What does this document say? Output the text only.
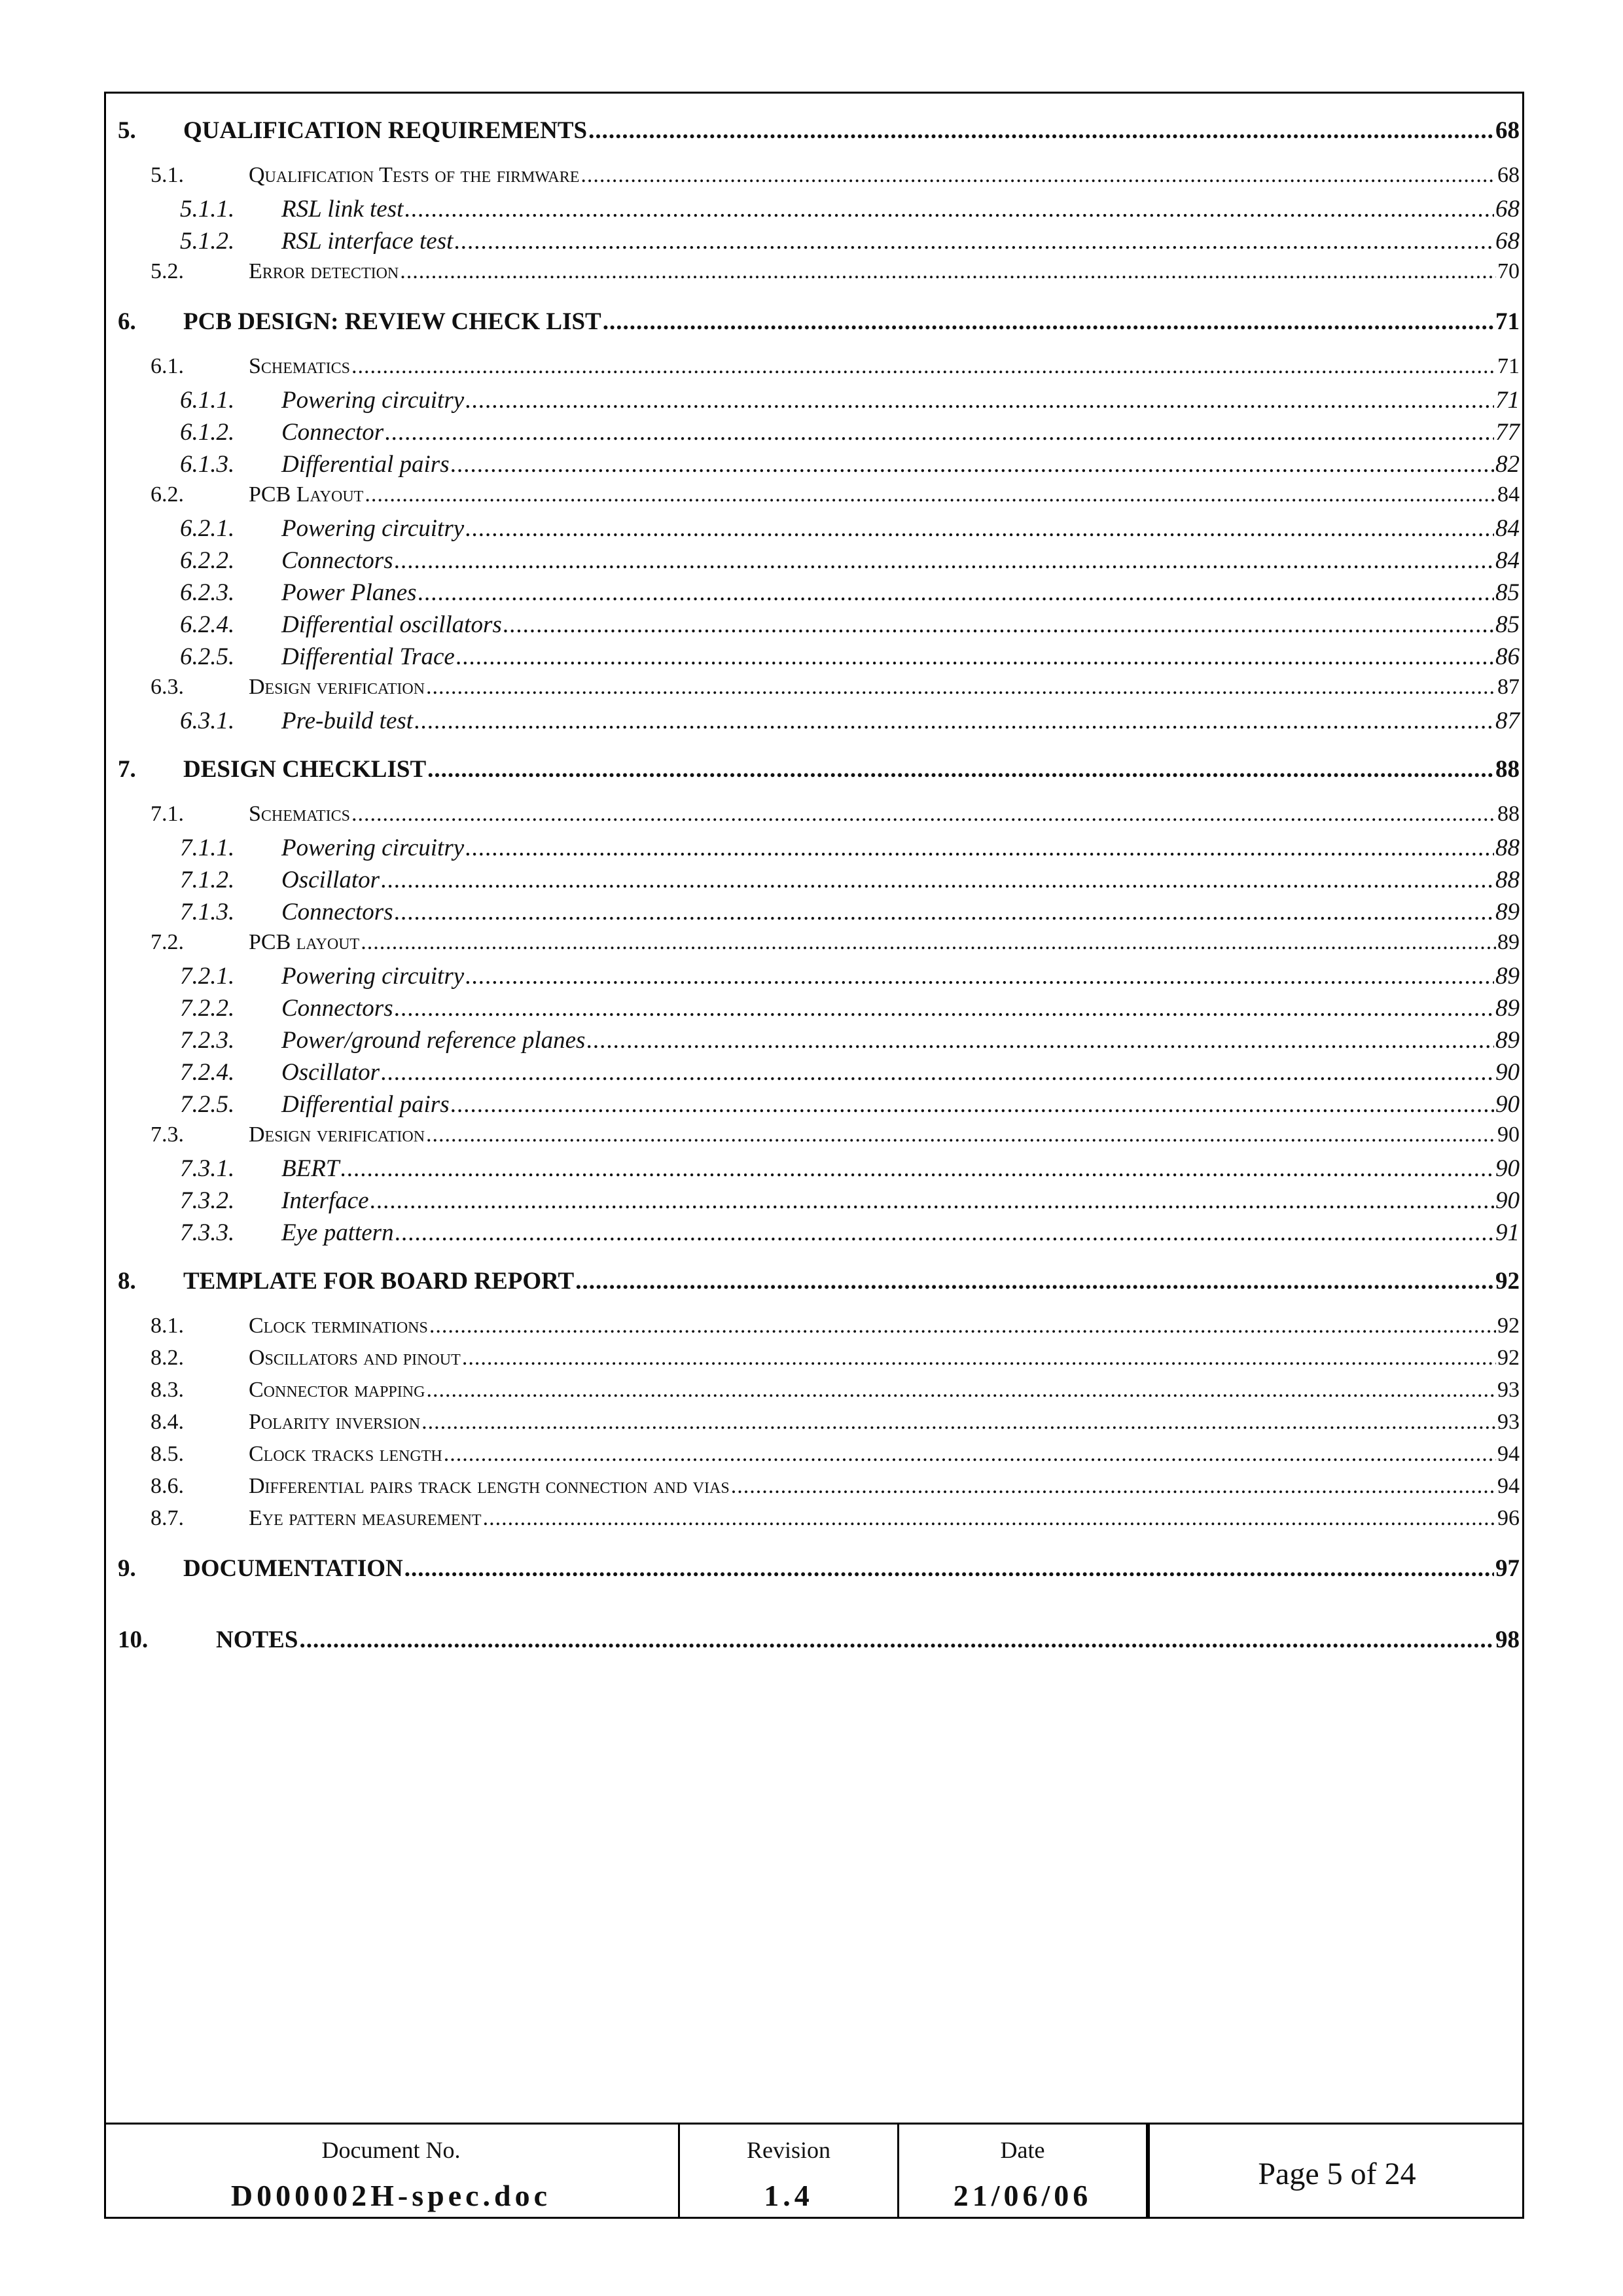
5.	QUALIFICATION REQUIREMENTS .....	68
5.1.	Qualification Tests of the firmware .....	68
5.1.1.	RSL link test .....	68
5.1.2.	RSL interface test .....	68
5.2.	Error detection .....	70
6.	PCB DESIGN: REVIEW CHECK LIST .....	71
6.1.	Schematics .....	71
6.1.1.	Powering circuitry .....	71
6.1.2.	Connector .....	77
6.1.3.	Differential pairs .....	82
6.2.	PCB Layout .....	84
6.2.1.	Powering circuitry .....	84
6.2.2.	Connectors .....	84
6.2.3.	Power Planes .....	85
6.2.4.	Differential oscillators .....	85
6.2.5.	Differential Trace .....	86
6.3.	Design verification .....	87
6.3.1.	Pre-build test .....	87
7.	DESIGN CHECKLIST .....	88
7.1.	Schematics .....	88
7.1.1.	Powering circuitry .....	88
7.1.2.	Oscillator .....	88
7.1.3.	Connectors .....	89
7.2.	PCB layout .....	89
7.2.1.	Powering circuitry .....	89
7.2.2.	Connectors .....	89
7.2.3.	Power/ground reference planes .....	89
7.2.4.	Oscillator .....	90
7.2.5.	Differential pairs .....	90
7.3.	Design verification .....	90
7.3.1.	BERT .....	90
7.3.2.	Interface .....	90
7.3.3.	Eye pattern .....	91
8.	TEMPLATE FOR BOARD REPORT .....	92
8.1.	Clock terminations .....	92
8.2.	Oscillators and pinout .....	92
8.3.	Connector mapping .....	93
8.4.	Polarity inversion .....	93
8.5.	Clock tracks length .....	94
8.6.	Differential pairs track length connection and vias .....	94
8.7.	Eye pattern measurement .....	96
9.	DOCUMENTATION .....	97
10.	NOTES .....	98
Document No.
D000002H-spec.doc
Revision
1.4
Date
21/06/06
Page 5 of 24
